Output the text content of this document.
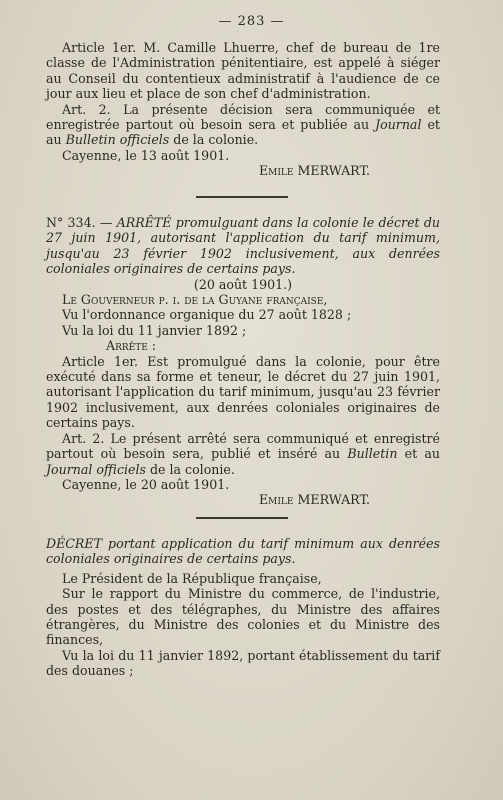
— 283 —

Article 1er. M. Camille Lhuerre, chef de bureau de 1re classe de l'Administration pénitentiaire, est appelé à siéger au Conseil du contentieux administratif à l'audience de ce jour aux lieu et place de son chef d'administration.

Art. 2. La présente décision sera communiquée et enregistrée partout où besoin sera et publiée au Journal et au Bulletin officiels de la colonie.

Cayenne, le 13 août 1901.

Emile MERWART.

N° 334. — ARRÊTÉ promulguant dans la colonie le décret du 27 juin 1901, autorisant l'application du tarif minimum, jusqu'au 23 février 1902 inclusivement, aux denrées coloniales originaires de certains pays.

(20 août 1901.)

Le Gouverneur p. i. de la Guyane française,

Vu l'ordonnance organique du 27 août 1828 ;

Vu la loi du 11 janvier 1892 ;

Arrête :

Article 1er. Est promulgué dans la colonie, pour être exécuté dans sa forme et teneur, le décret du 27 juin 1901, autorisant l'application du tarif minimum, jusqu'au 23 février 1902 inclusivement, aux denrées coloniales originaires de certains pays.

Art. 2. Le présent arrêté sera communiqué et enregistré partout où besoin sera, publié et inséré au Bulletin et au Journal officiels de la colonie.

Cayenne, le 20 août 1901.

Emile MERWART.

DÉCRET portant application du tarif minimum aux denrées coloniales originaires de certains pays.

Le Président de la République française,

Sur le rapport du Ministre du commerce, de l'industrie, des postes et des télégraphes, du Ministre des affaires étrangères, du Ministre des colonies et du Ministre des finances,

Vu la loi du 11 janvier 1892, portant établissement du tarif des douanes ;
